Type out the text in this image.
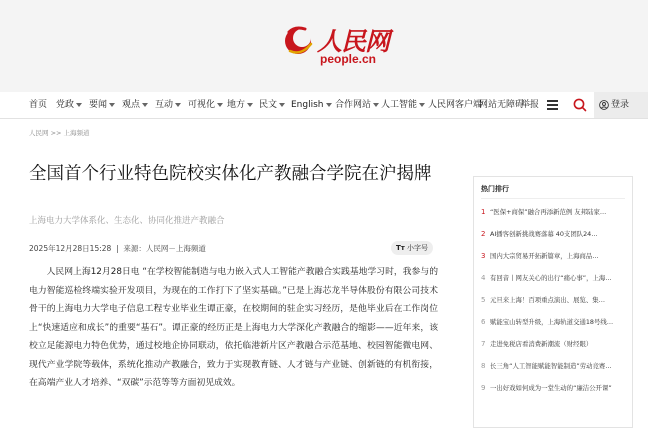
人民网
people.cn
首页 党政	要闻	观点	互动	可视化	地方	民文	English	合作网站	人工智能	人民网客户端
网站无障碍
举报	登录
人民网 >> 上海频道
全国首个行业特色院校实体化产教融合学院在沪揭牌
上海电力大学体系化、生态化、协同化推进产教融合
2025年12月28日15:28  |  来源：人民网－上海频道	Tт 小字号
人民网上海12月28日电 “在学校智能制造与电力嵌入式人工智能产教融合实践基地学习时，我参与的电力智能巡检终端实验开发项目，为现在的工作打下了坚实基础。”已是上海芯龙半导体股份有限公司技术骨干的上海电力大学电子信息工程专业毕业生谭正豪，在校期间的驻企实习经历，是他毕业后在工作岗位上“快速适应和成长”的重要“基石”。谭正豪的经历正是上海电力大学深化产教融合的缩影——近年来，该校立足能源电力特色优势，通过校地企协同联动，依托临港新片区产教融合示范基地、校园智能微电网、现代产业学院等载体，系统化推动产教融合，致力于实现教育链、人才链与产业链、创新链的有机衔接，在高端产业人才培养、“双碳”示范等等方面初见成效。
热门排行
1 “医保+商保”融合再添新范例 友邦陆家…
2 AI播客创新挑战赛落幕 40支团队24…
3 国内大宗贸易开拓新篇章，上海商品…
4 有回音丨网友关心的出行“痛心事”，上海…
5 元旦来上海！百项重点演出、展览、集…
6 赋能宝山转型升级，上海轨道交通18号线…
7 走进免税店看消费新潮流（财经眼）
8 长三角“人工智能赋能智能制造”劳动竞赛…
9 一出好戏如何成为一堂生动的“廉洁公开课”
